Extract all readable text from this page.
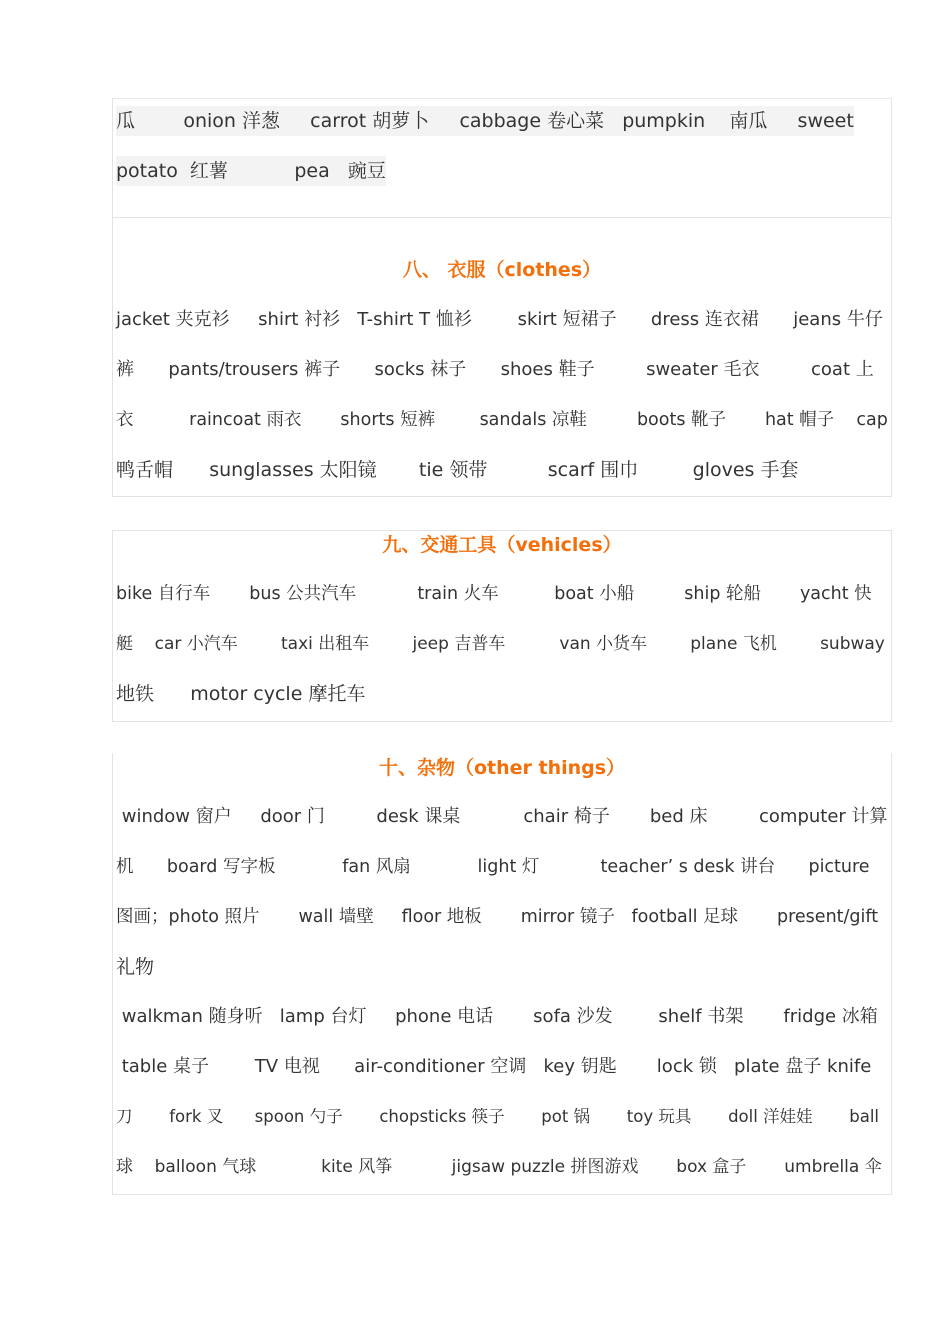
瓜        onion 洋葱     carrot 胡萝卜     cabbage 卷心菜   pumpkin    南瓜     sweet
potato  红薯           pea   豌豆
八、 衣服（clothes）
jacket 夹克衫     shirt 衬衫   T-shirt T 恤衫        skirt 短裙子      dress 连衣裙      jeans 牛仔
裤      pants/trousers 裤子      socks 袜子      shoes 鞋子         sweater 毛衣         coat 上
衣          raincoat 雨衣       shorts 短裤        sandals 凉鞋         boots 靴子       hat 帽子    cap
鸭舌帽      sunglasses 太阳镜       tie 领带          scarf 围巾         gloves 手套
九、交通工具（vehicles）
bike 自行车       bus 公共汽车           train 火车          boat 小船         ship 轮船       yacht 快
艇    car 小汽车        taxi 出租车        jeep 吉普车          van 小货车        plane 飞机        subway
地铁      motor cycle 摩托车
十、杂物（other things）
window 窗户     door 门         desk 课桌           chair 椅子       bed 床         computer 计算
机      board 写字板            fan 风扇            light 灯           teacher’ s desk 讲台      picture
图画；photo 照片       wall 墙壁     floor 地板       mirror 镜子   football 足球       present/gift
礼物
walkman 随身听   lamp 台灯     phone 电话       sofa 沙发        shelf 书架       fridge 冰箱
table 桌子        TV 电视      air-conditioner 空调   key 钥匙       lock 锁   plate 盘子 knife
刀       fork 叉      spoon 勺子       chopsticks 筷子       pot 锅       toy 玩具       doll 洋娃娃       ball
球    balloon 气球            kite 风筝           jigsaw puzzle 拼图游戏       box 盒子       umbrella 伞
